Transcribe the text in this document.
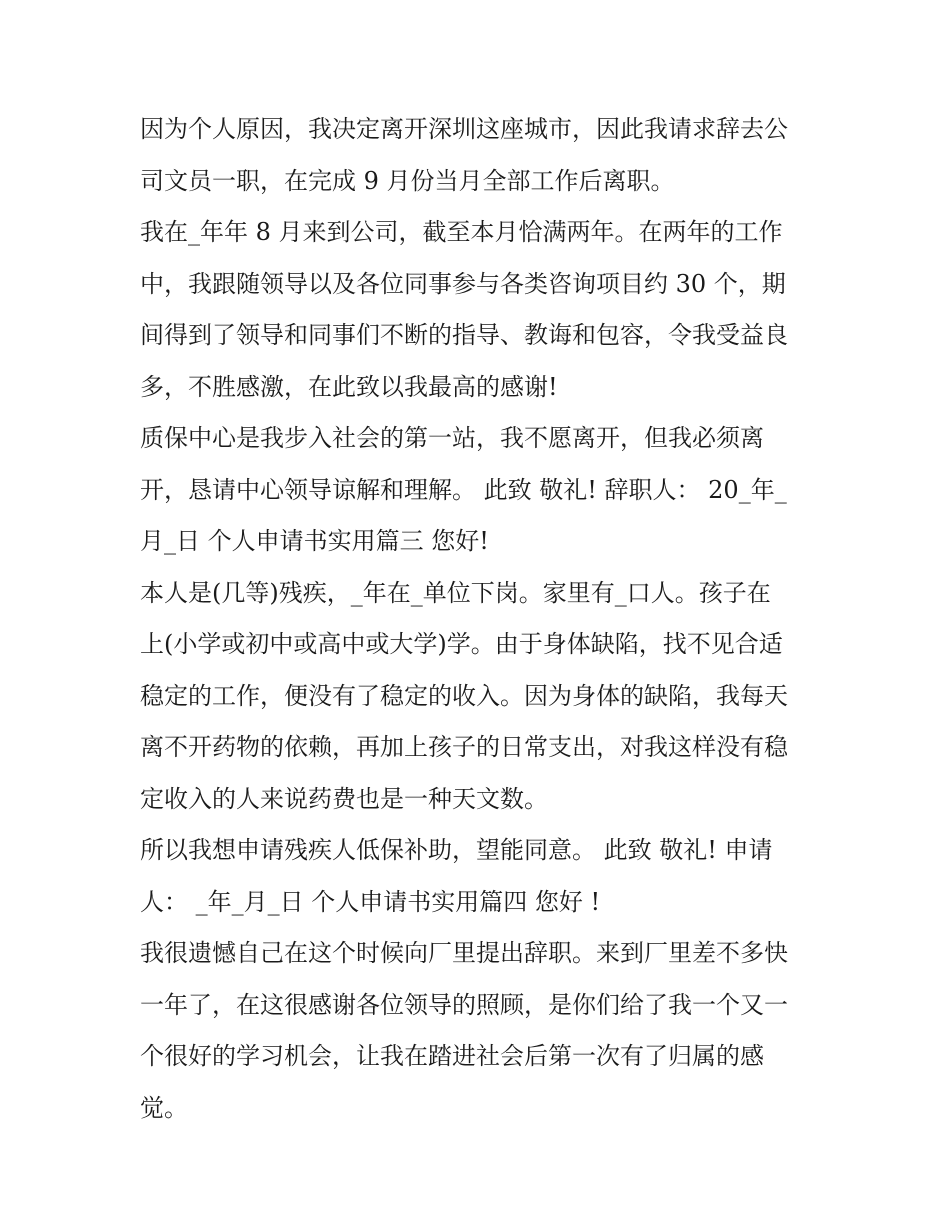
因为个人原因，我决定离开深圳这座城市，因此我请求辞去公
司文员一职，在完成 9 月份当月全部工作后离职。
我在_年年 8 月来到公司，截至本月恰满两年。在两年的工作
中，我跟随领导以及各位同事参与各类咨询项目约 30 个，期
间得到了领导和同事们不断的指导、教诲和包容，令我受益良
多，不胜感激，在此致以我最高的感谢!
质保中心是我步入社会的第一站，我不愿离开，但我必须离
开，恳请中心领导谅解和理解。 此致 敬礼! 辞职人： 20_年_
月_日 个人申请书实用篇三 您好!
本人是(几等)残疾，_年在_单位下岗。家里有_口人。孩子在
上(小学或初中或高中或大学)学。由于身体缺陷，找不见合适
稳定的工作，便没有了稳定的收入。因为身体的缺陷，我每天
离不开药物的依赖，再加上孩子的日常支出，对我这样没有稳
定收入的人来说药费也是一种天文数。
所以我想申请残疾人低保补助，望能同意。 此致 敬礼! 申请
人： _年_月_日 个人申请书实用篇四 您好 !
我很遗憾自己在这个时候向厂里提出辞职。来到厂里差不多快
一年了，在这很感谢各位领导的照顾，是你们给了我一个又一
个很好的学习机会，让我在踏进社会后第一次有了归属的感
觉。
